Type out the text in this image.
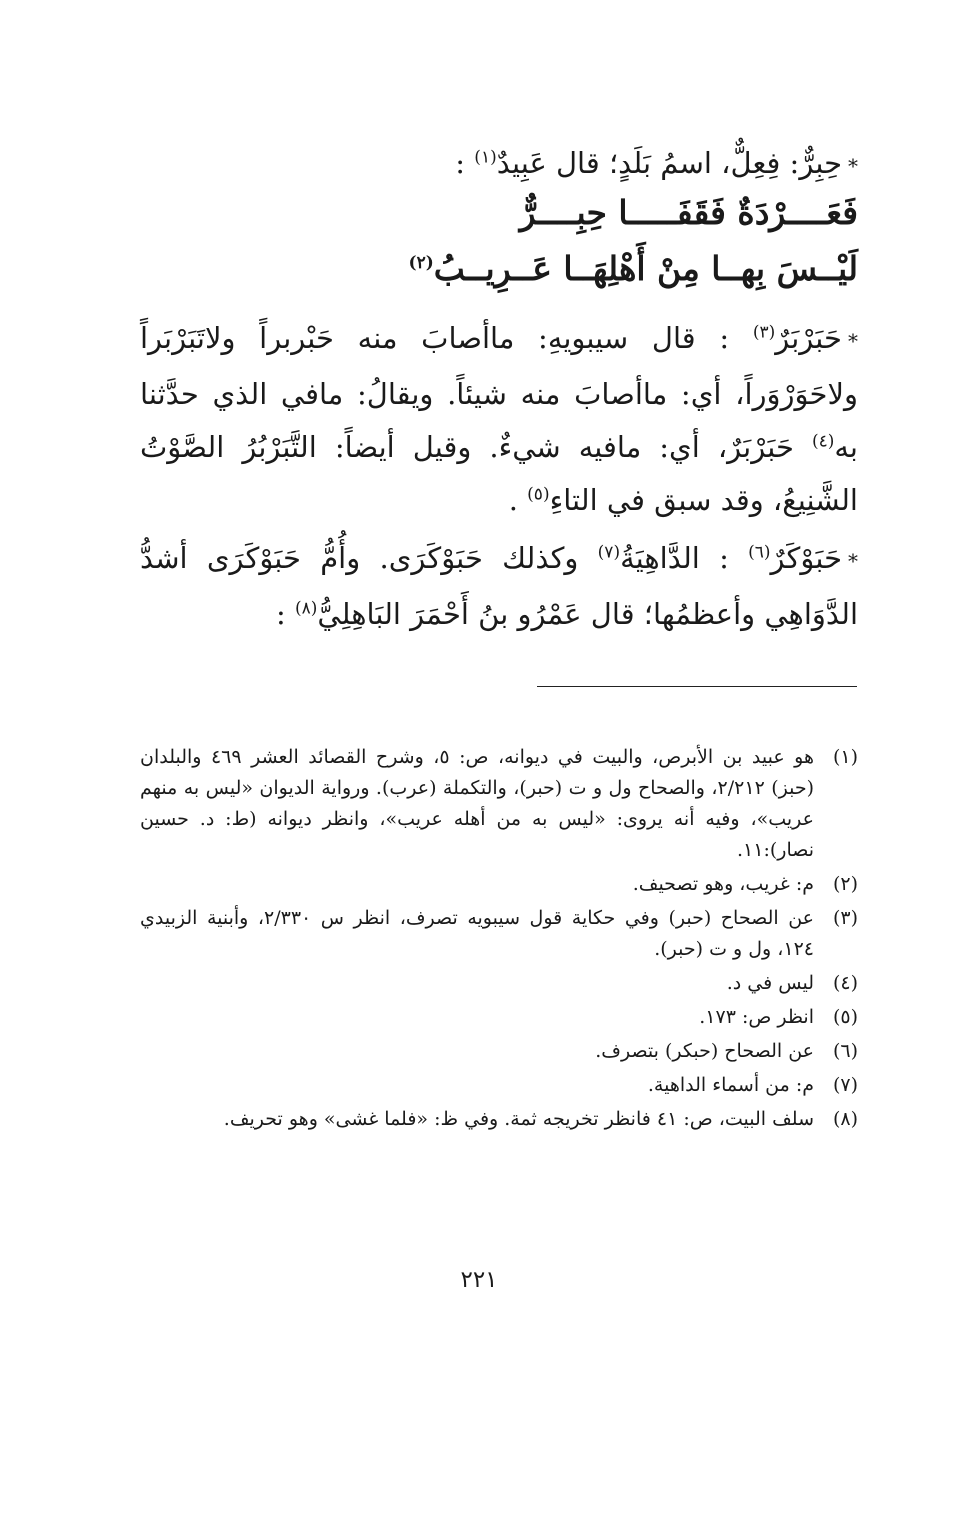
*حِبِرٌّ: فِعِلٌّ، اسمُ بَلَدٍ؛ قال عَبِيدٌ$^{(١)}$ :

فَعَــــرْدَةٌ فَقَفَـــــا حِبِــــرٌّ
لَيْــسَ بِهــا مِنْ أَهْلِهَــا عَــرِيــبُ$^{(٢)}$

*حَبَرْبَرٌ$^{(٣)}$ : قال سيبويهِ: ماأصابَ منه حَبْربراً ولاتَبَرْبَراً ولاحَوَرْوَراً، أي: ماأصابَ منه شيئاً. ويقالُ: مافي الذي حدَّثنا به$^{(٤)}$ حَبَرْبَرٌ، أي: مافيه شيءٌ. وقيل أيضاً: التَّبَرْبُرُ الصَّوْتُ الشَّنِيعُ، وقد سبق في التاءِ$^{(٥)}$ .

*حَبَوْكَرٌ$^{(٦)}$ : الدَّاهِيَةُ$^{(٧)}$ وكذلك حَبَوْكَرَى. وأُمُّ حَبَوْكَرَى أشدُّ الدَّوَاهِي وأعظمُها؛ قال عَمْرُو بنُ أَحْمَرَ البَاهِلِيُّ$^{(٨)}$ :

(١)
هو عبيد بن الأبرص، والبيت في ديوانه، ص: ٥، وشرح القصائد العشر ٤٦٩ والبلدان (حبز) ٢/٢١٢، والصحاح ول و ت (حبر)، والتكملة (عرب). ورواية الديوان «ليس به منهم عريب»، وفيه أنه يروى: «ليس به من أهله عريب»، وانظر ديوانه (ط: د. حسين نصار):١١.
(٢)
م: غريب، وهو تصحيف.
(٣)
عن الصحاح (حبر) وفي حكاية قول سيبويه تصرف، انظر س ٢/٣٣٠، وأبنية الزبيدي ١٢٤، ول و ت (حبر).
(٤)
ليس في د.
(٥)
انظر ص: ١٧٣.
(٦)
عن الصحاح (حبكر) بتصرف.
(٧)
م: من أسماء الداهية.
(٨)
سلف البيت، ص: ٤١ فانظر تخريجه ثمة. وفي ظ: «فلما غشى» وهو تحريف.
٢٢١
